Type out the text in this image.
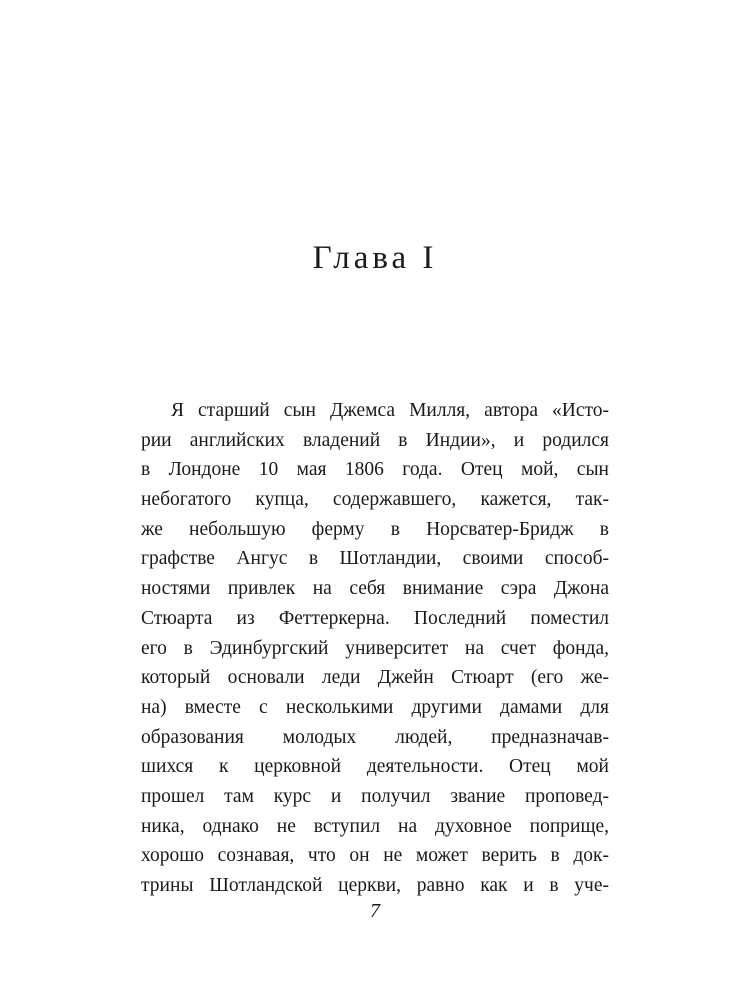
Глава I
Я старший сын Джемса Милля, автора «Исто-
рии английских владений в Индии», и родился
в Лондоне 10 мая 1806 года. Отец мой, сын
небогатого купца, содержавшего, кажется, так-
же небольшую ферму в Норсватер-Бридж в
графстве Ангус в Шотландии, своими способ-
ностями привлек на себя внимание сэра Джона
Стюарта из Феттеркерна. Последний поместил
его в Эдинбургский университет на счет фонда,
который основали леди Джейн Стюарт (его же-
на) вместе с несколькими другими дамами для
образования молодых людей, предназначав-
шихся к церковной деятельности. Отец мой
прошел там курс и получил звание проповед-
ника, однако не вступил на духовное поприще,
хорошо сознавая, что он не может верить в док-
трины Шотландской церкви, равно как и в уче-
7
